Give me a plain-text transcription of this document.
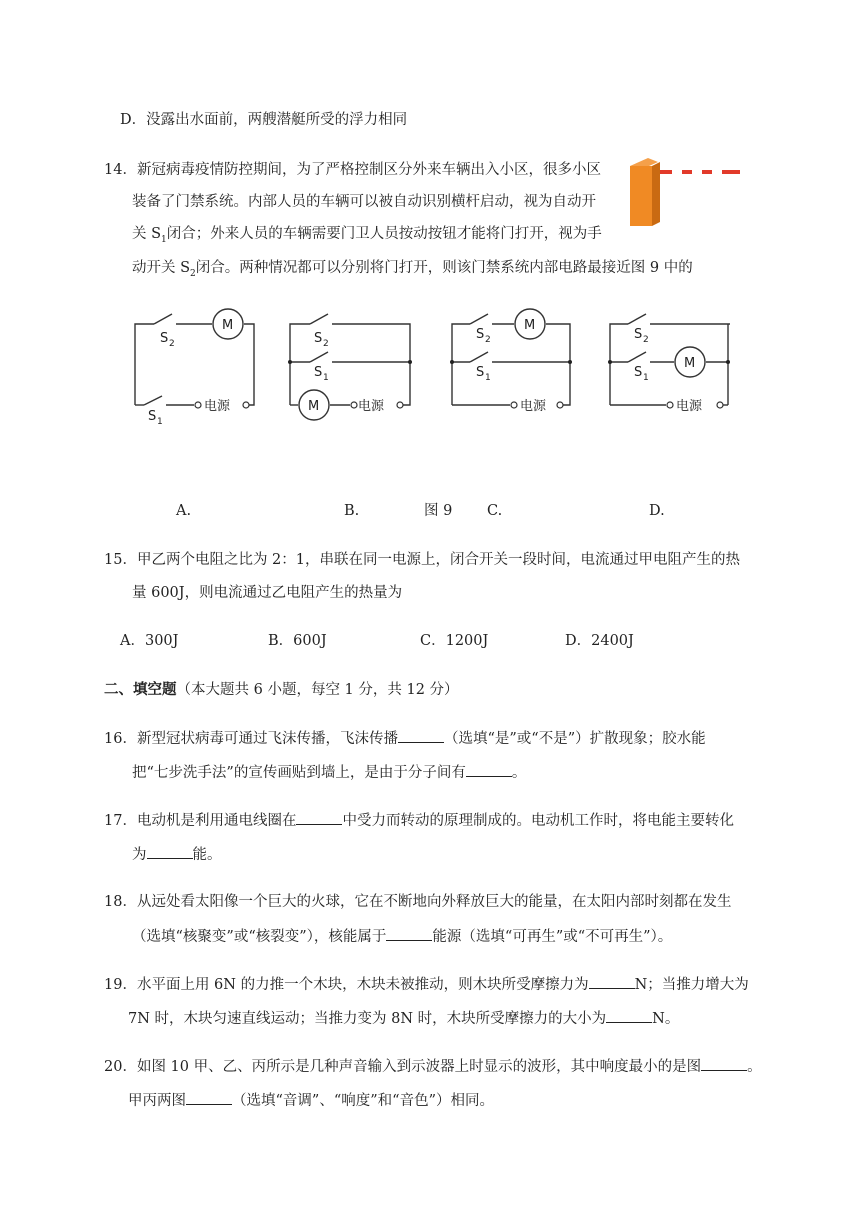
D．没露出水面前，两艘潜艇所受的浮力相同
14．新冠病毒疫情防控期间，为了严格控制区分外来车辆出入小区，很多小区
装备了门禁系统。内部人员的车辆可以被自动识别横杆启动，视为自动开
关 $S_1$闭合；外来人员的车辆需要门卫人员按动按钮才能将门打开，视为手
动开关 $S_2$闭合。两种情况都可以分别将门打开，则该门禁系统内部电路最接近图 9 中的
S 2
M
S 1
电源
S 2
S 1
M	电源
S 2
M
S 1
电源
S 2
S 1
M
电源
A.	B.	图 9 C.	D.
15．甲乙两个电阻之比为 2：1，串联在同一电源上，闭合开关一段时间，电流通过甲电阻产生的热
量 600J，则电流通过乙电阻产生的热量为
A．300J	B．600J	C．1200J	D．2400J
二、填空题（本大题共 6 小题，每空 1 分，共 12 分）
16．新型冠状病毒可通过飞沫传播，飞沫传播	（选填“是”或“不是”）扩散现象；胶水能
把“七步洗手法”的宣传画贴到墙上，是由于分子间有	。
17．电动机是利用通电线圈在	中受力而转动的原理制成的。电动机工作时，将电能主要转化
为	能。
18．从远处看太阳像一个巨大的火球，它在不断地向外释放巨大的能量，在太阳内部时刻都在发生
（选填“核聚变”或“核裂变”），核能属于	能源（选填“可再生”或“不可再生”）。
19．水平面上用 6N 的力推一个木块，木块未被推动，则木块所受摩擦力为	N；当推力增大为
7N 时，木块匀速直线运动；当推力变为 8N 时，木块所受摩擦力的大小为	N。
20．如图 10 甲、乙、丙所示是几种声音输入到示波器上时显示的波形，其中响度最小的是图	。
甲丙两图	（选填“音调”、“响度”和“音色”）相同。
